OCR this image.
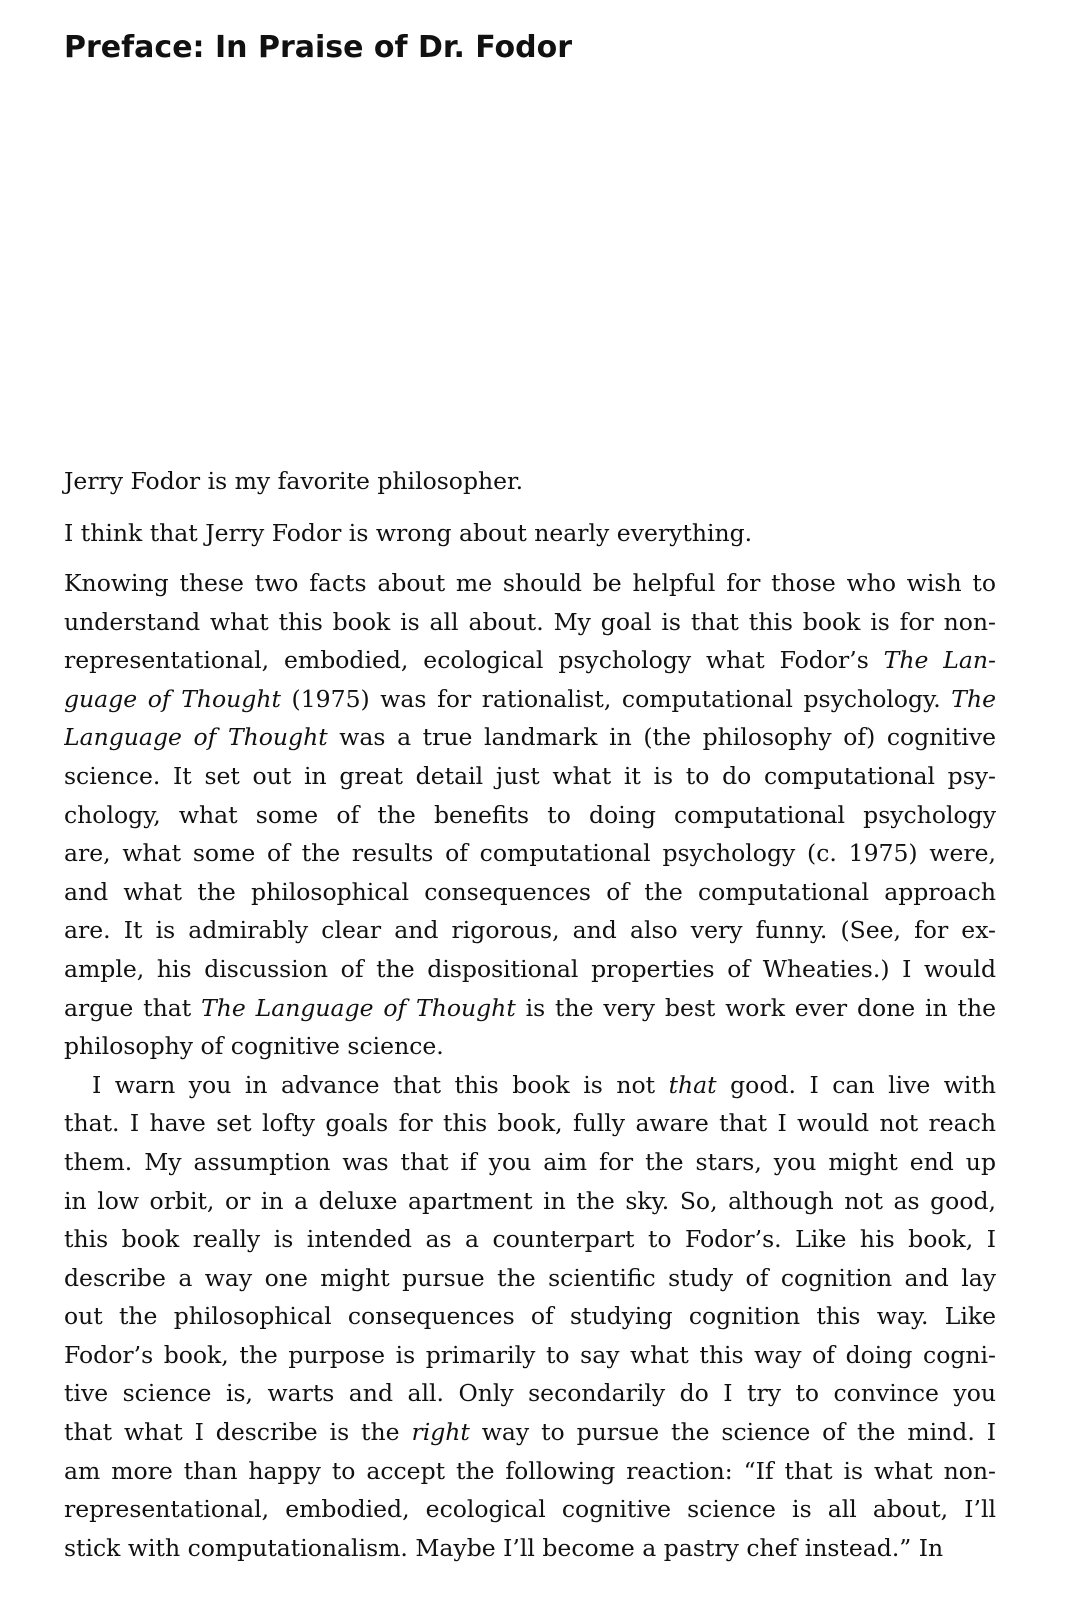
Preface: In Praise of Dr. Fodor

Jerry Fodor is my favorite philosopher.

I think that Jerry Fodor is wrong about nearly everything.

Knowing these two facts about me should be helpful for those who wish to
understand what this book is all about. My goal is that this book is for non-
representational, embodied, ecological psychology what Fodor’s The Lan-
guage of Thought (1975) was for rationalist, computational psychology. The
Language of Thought was a true landmark in (the philosophy of) cognitive
science. It set out in great detail just what it is to do computational psy-
chology, what some of the benefits to doing computational psychology
are, what some of the results of computational psychology (c. 1975) were,
and what the philosophical consequences of the computational approach
are. It is admirably clear and rigorous, and also very funny. (See, for ex-
ample, his discussion of the dispositional properties of Wheaties.) I would
argue that The Language of Thought is the very best work ever done in the
philosophy of cognitive science.
I warn you in advance that this book is not that good. I can live with
that. I have set lofty goals for this book, fully aware that I would not reach
them. My assumption was that if you aim for the stars, you might end up
in low orbit, or in a deluxe apartment in the sky. So, although not as good,
this book really is intended as a counterpart to Fodor’s. Like his book, I
describe a way one might pursue the scientific study of cognition and lay
out the philosophical consequences of studying cognition this way. Like
Fodor’s book, the purpose is primarily to say what this way of doing cogni-
tive science is, warts and all. Only secondarily do I try to convince you
that what I describe is the right way to pursue the science of the mind. I
am more than happy to accept the following reaction: “If that is what non-
representational, embodied, ecological cognitive science is all about, I’ll
stick with computationalism. Maybe I’ll become a pastry chef instead.” In
